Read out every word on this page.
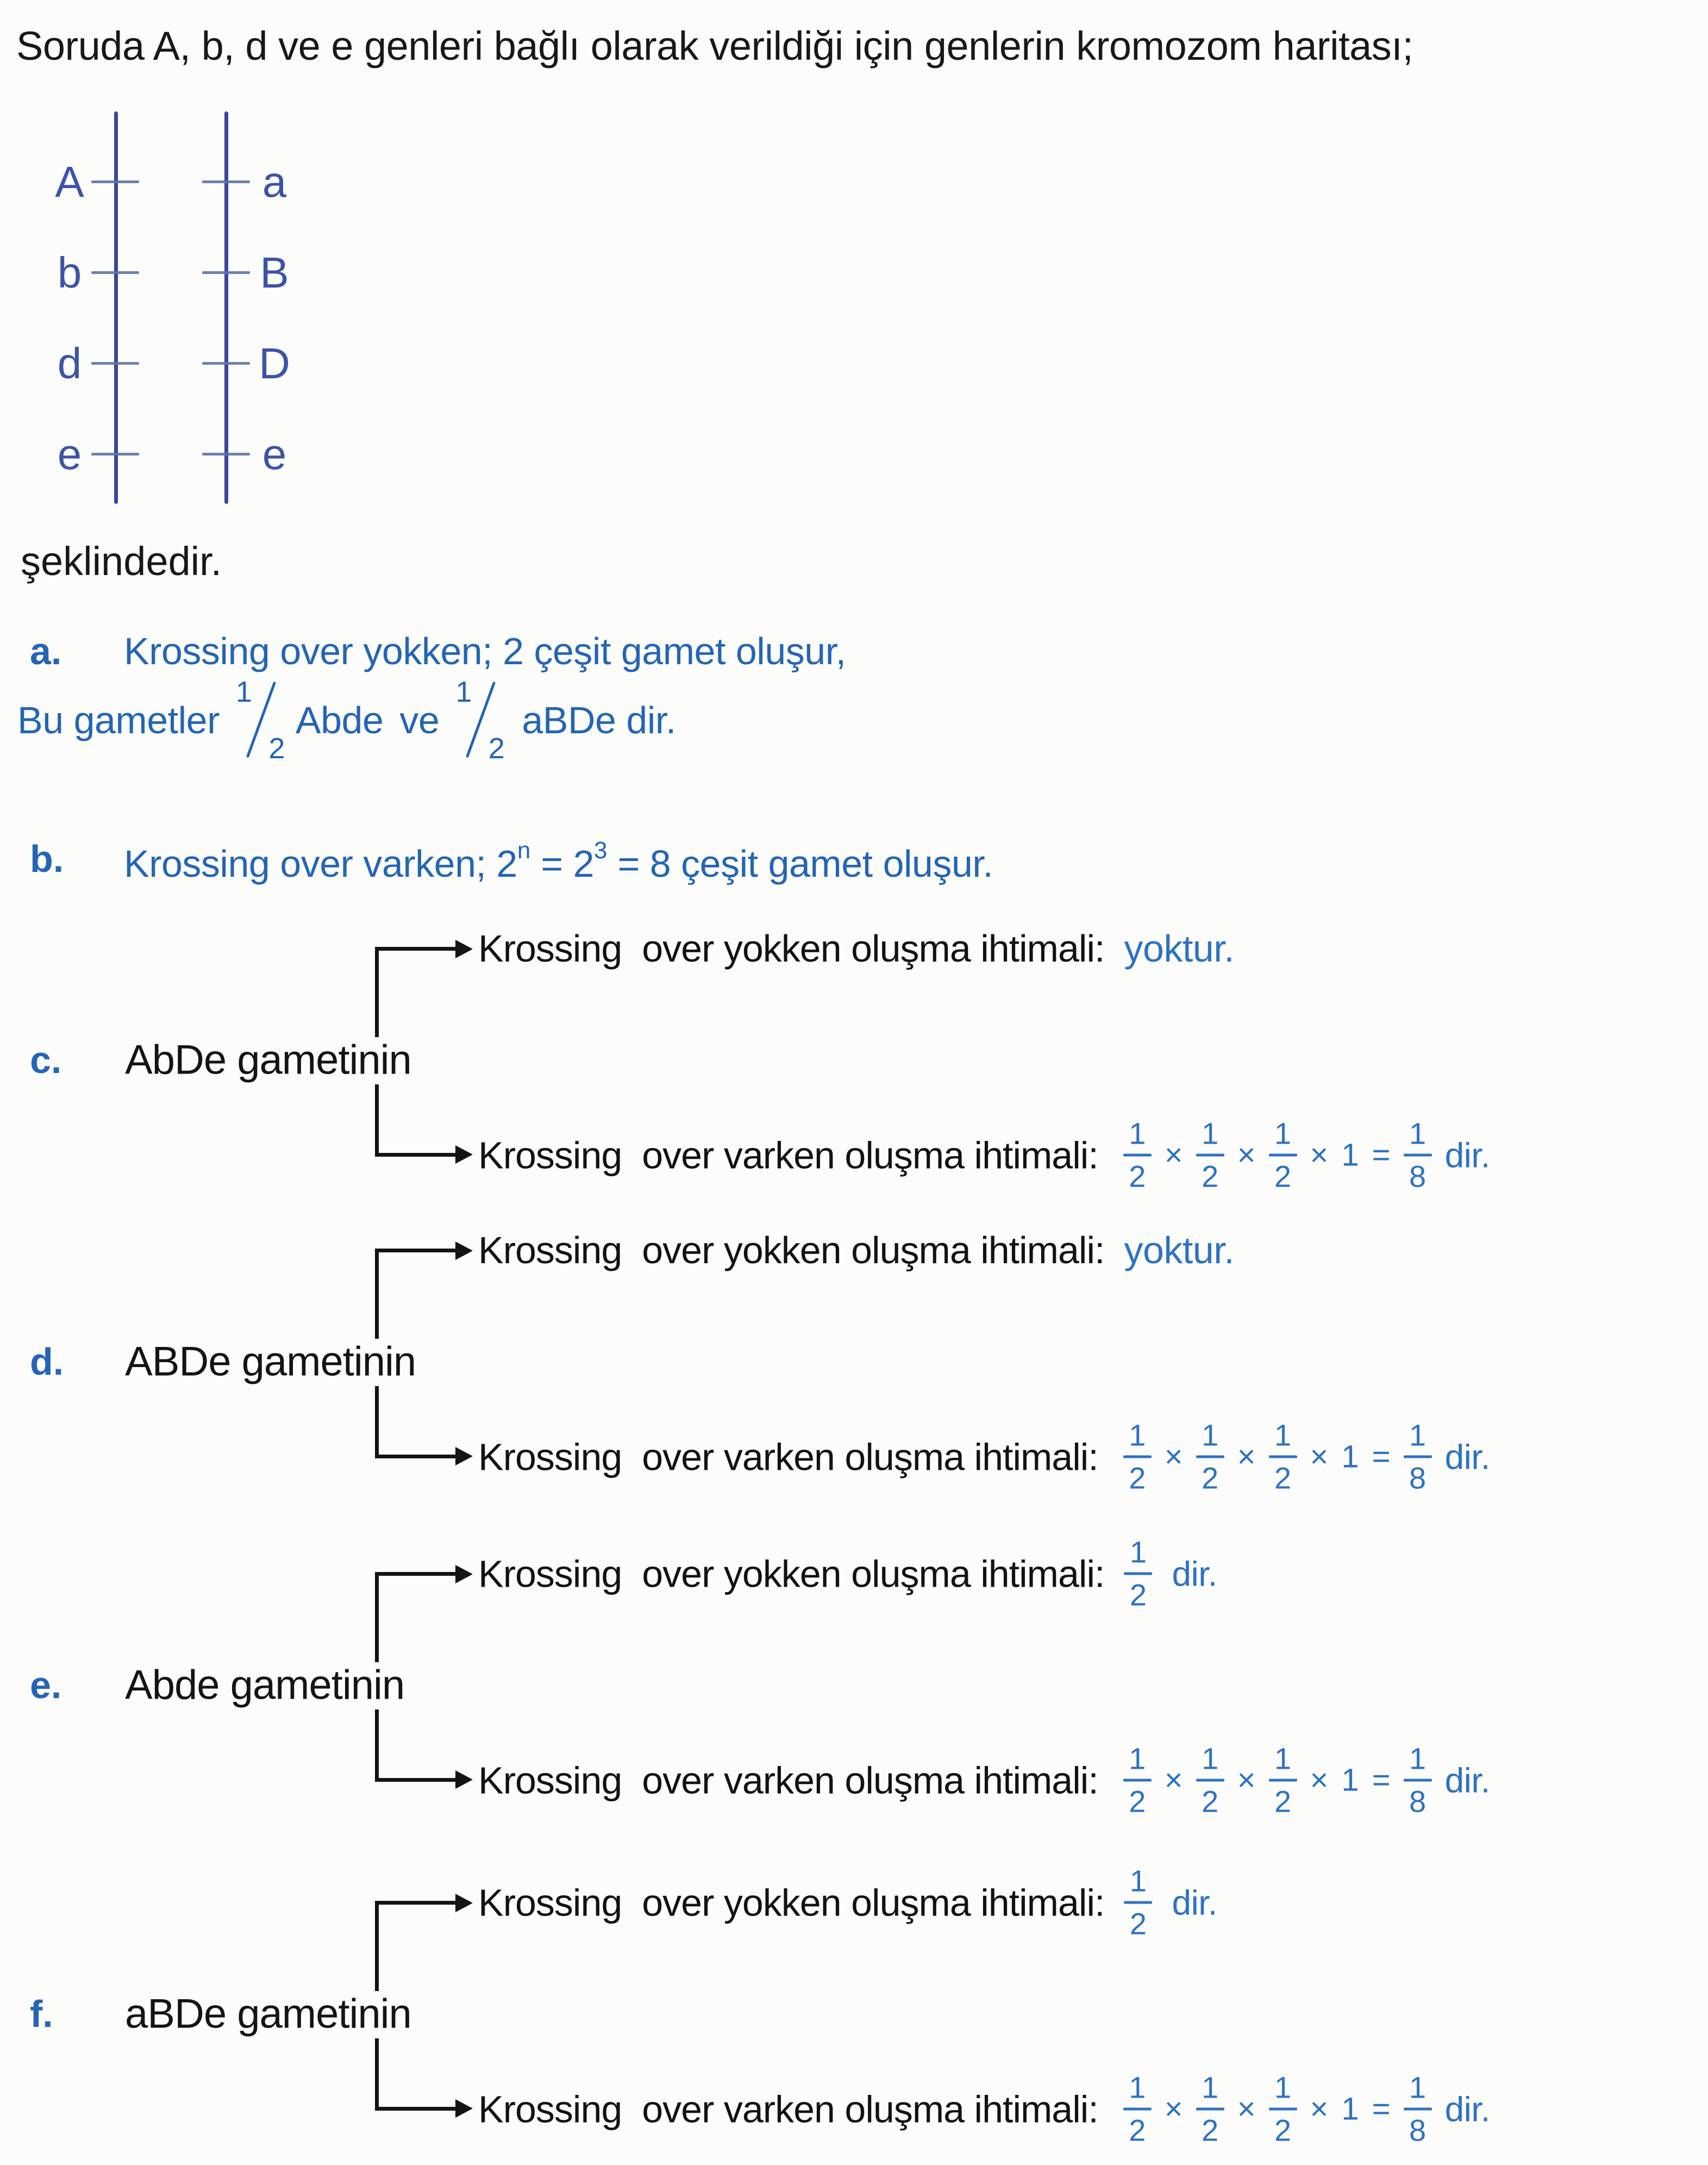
Soruda A, b, d ve e genleri bağlı olarak verildiği için genlerin kromozom haritası;
A
b
d
e
a
B
D
e
şeklindedir.
a. Krossing over yokken; 2 çeşit gamet oluşur,
Bu gametler
1
2
Abde ve
1
2
aBDe dir.
b. Krossing over varken; $2^n = 2^3 = 8$ çeşit gamet oluşur.
Krossing  over yokken oluşma ihtimali: yoktur.
c. AbDe gametinin
Krossing  over varken oluşma ihtimali:
1
2
×
1
2
×
1
2
× 1 =
1
8
dir.
Krossing  over yokken oluşma ihtimali: yoktur.
d. ABDe gametinin
Krossing  over varken oluşma ihtimali:
1
2
×
1
2
×
1
2
× 1 =
1
8
dir.
Krossing  over yokken oluşma ihtimali:
1
2
dir.
e. Abde gametinin
Krossing  over varken oluşma ihtimali:
1
2
×
1
2
×
1
2
× 1 =
1
8
dir.
Krossing  over yokken oluşma ihtimali:
1
2
dir.
f. aBDe gametinin
Krossing  over varken oluşma ihtimali:
1
2
×
1
2
×
1
2
× 1 =
1
8
dir.
